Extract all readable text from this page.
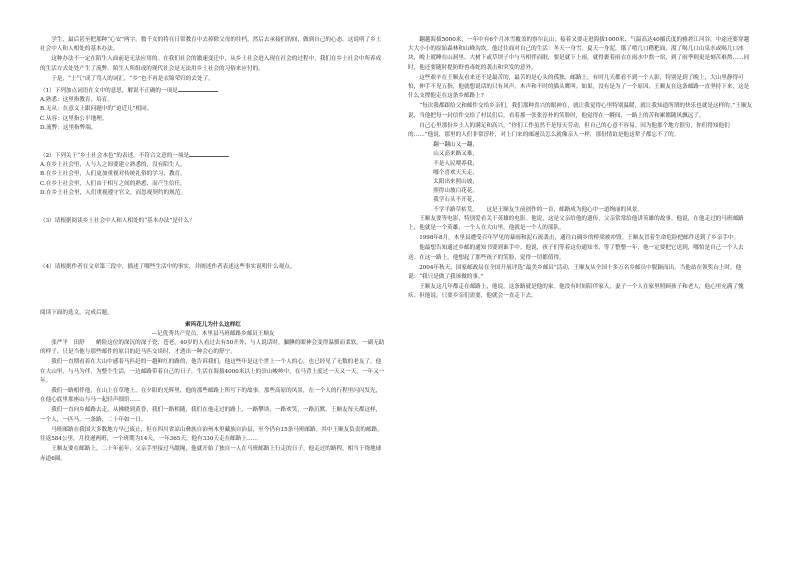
学生，最后甚至把那种“心安”两字。数千女的将在日常教育中去掉除父母的往档，然后去承接们的间，做到自己的心态。这说明了乡土社会中人和人相处的基本办法。

这种办法不一定在陌生人面前是无法应用的。在我们社会的激速变迁中，从乡土社会进入现在社会的过程中，我们在乡土社会中所养成的生活方式处处产生了流弊。陌生人所组成的现代社会是无法用乡土社会的习俗来应付的。

于是，“土气”成了骂人的词汇，“乡”也不再是衣锦荣归的去处了。

（1）下列加点词语在文中的意思，解说不正确的一项是

A.熟悉：这里指教育、培育。

B.无从：在意义上跟问题中的“迫近儿”相同。

C.从容：这里指公平地理。

D.流弊：这里指弊端。

（2）下列关于“乡土社会本色”的表述，不符合文意的一项是

A.在乡土社会里，人与人之间要建立熟悉的，没有陌生人。

B.在乡土社会里，人们更加重视对传统礼俗的学习，教育。

C.在乡土社会里，人们由于相互之间的熟悉，而产生信任。

D.在乡土社会里，人们重视遵守官文，而忽视契约的规范。

（3）请根据阅读乡土社会中人和人相处的“基本办法”是什么？

（4）请根据作者在文章第三段中，描述了哪些生活中的事实，并阐述作者表述这些事实说明什么观点。

阅读下面的选文，完成后题。

索玛花儿为什么这样红

—记优秀共产党员、木里县马班邮路乡邮员王顺友

张严平　田舒　　峭险这位的深沉的深于瓷、苍老，40岁的人看过去有50开外，与人说话时，腼腆的眼神会变得温驯而柔软，一副无助的样子。只是当他与那些邮件的原目的赶马匹交谈时，才透出一种会心的舒宁。

我们一直期看着在大山中感着马匹赶的一趟鲜红的路的，他告诉我们，他这些年是这个世上一个人的心，也已经见了无数的老友了。他在大山里，与马为伴，为整个生活，一边邮路带着自己的日子，生活在海拔4000米以上的崇山峻岭中，在马背上度过一天又一天，一年又一年。

我们一路相伴他，在山上在草地上，在夕阳的光辉里，他的那些邮路上所写下的故事，那些高原的风景，在一个人的行程里闪闪发光，在他心底里那座山与马一起轻声细语……

我们一直向乡邮路去走，从拂晓到黄昏，我们一路相随，我们在他走过的路上，一路攀谈，一路欢笑，一路沉默。王顺友每天都这样，一个人，一匹马，一条路，二十年如一日。

马班邮路在我国大多数地方早已废止，但在四川省凉山彝族自治州木里藏族自治县，至今仍有15条马班邮路。其中王顺友负责的邮路，往返584公里，月投递两班，一个班期为14天，一年365天，他有330天走在邮路上……

王顺友要在邮路上，二十年前年，父亲手里接过马缰绳，他就开始了独自一人在马班邮路上行走的日子。他走过的路程，相当于绕地球赤道6圈。

翻越海拔5000米，一年中有6个月冰雪覆盖的察尔瓦山；接着又要走进海拔1000米、气温高达40摄氏度的雅砻江河谷，中途还要穿越大大小小的原始森林和山峰沟坎。他过往面对自己的生活：冬天一身雪，夏天一身泥，饿了啃几口糌粑面，渴了喝几口山泉水或喝几口冰块，晚上就睡在山洞里、大树下或草坝子中与马相伴而眠，要是就下上雨，就得裹着雨衣在雨水中熬一宿，到了雨季则更是刻苦难熬……同时，他还要随时提防野兽毒蛇的袭击和突发的意外。

这些艰辛在王顺友看来还不是最苦的，最苦的是心头的孤独。邮路上，有时几天都看不到一个人影，特别是到了晚上，大山里静得可怕，伸手不见五指，他就想说话的只有风声，木声和不时的猫头鹰叫。如果，没有是为了一个原因，王顺友在这条邮路一直坚持下来，这是什么支撑他走在这条乡邮路上?

“每次我都跟给父和邮件交给乡亲们，我们那种喜兴的眼神在，就让我觉得心里特别温暖，就让我知道所谓的快乐也就是这样的。”王顺友说，当他把每一封信件交给了村民们后，看着那一张张淳朴的笑脸时，他觉得在一瞬间，一路上的苦和累都随风飘远了。

自己心里那份乡土人的满足和高兴，“你们工作虽然不是每天劳动，但自己的心意不容易。因为他那个地方很穷，你们得知他们的……”他说，那里的人们非常淳朴，对上门来的邮递员怎么就像亲人一样，那份情谊是他这辈子都忘不了的。

翻一翻山又一翻，

山又高来路又难，

不是人民喂养我，

哪个喜欢天天走，

太阳出来照山坡，

照得山坡白花花，

我学石头不开花，

不学半路草枯荒。　　 这是王顺友生前创作的一首，邮路成为他心中一道绚丽的风景。

王顺友要等电影，特别爱看关于英雄的电影。他说，这是父亲给他的遗传，父亲常常给他讲英雄的故事。他说，在他走过的马班邮路上，他就是一个英雄，一个人在大山里，他就是一个人的部队。

1998年8月，木里县遭受百年罕见的暴雨和泥石流袭击，通往白碉乡的桥梁被冲毁。王顺友冒着生命危险把邮件送到了乡亲手中。

他最想告知通过乡邮的通知书要到谁手中。他说，孩子们等着这份通知书，等了整整一年，他一定要把它送到，哪怕是自己一个人去送。在这一路上，他想起了那些孩子的笑脸，觉得一切都值得。

2004年秋天，国家邮政局在全国开展评选“最美乡邮员”活动，王顺友从全国十多万名乡邮员中脱颖而出。当他站在领奖台上时，他说：“我只是做了我该做的事。”

王顺友这几年都走在邮路上，他说，这条路就是他的家。他没有时间陪伴家人，妻子一个人在家里照顾孩子和老人，他心里充满了愧疚。但他说，只要乡亲们需要，他就会一直走下去。
